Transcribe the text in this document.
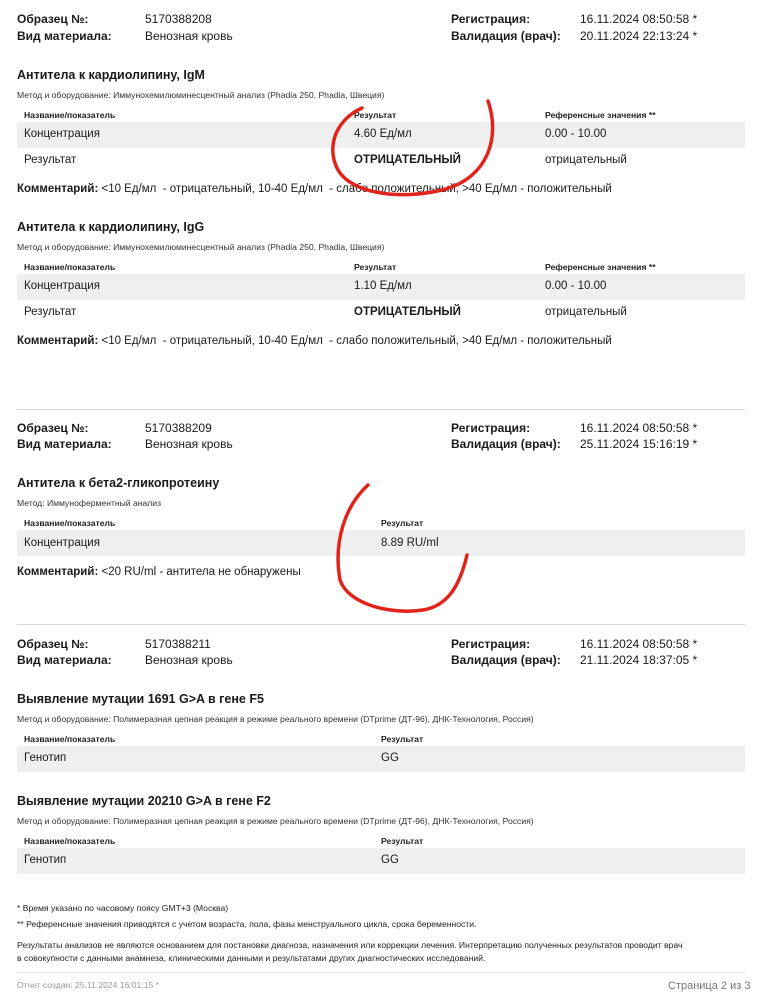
Образец №:	5170388208
Вид материала:	Венозная кровь
Регистрация:	16.11.2024 08:50:58 *
Валидация (врач): 20.11.2024 22:13:24 *
Антитела к кардиолипину, IgM
Метод и оборудование: Иммунохемилюминесцентный анализ (Phadia 250, Phadia, Швеция)
Название/показатель	Результат	Референсные значения **
Концентрация	4.60 Ед/мл	0.00 - 10.00
Результат	ОТРИЦАТЕЛЬНЫЙ	отрицательный
Комментарий: <10 Ед/мл  - отрицательный, 10-40 Ед/мл  - слабо положительный, >40 Ед/мл - положительный
Антитела к кардиолипину, IgG
Метод и оборудование: Иммунохемилюминесцентный анализ (Phadia 250, Phadia, Швеция)
Название/показатель	Результат	Референсные значения **
Концентрация	1.10 Ед/мл	0.00 - 10.00
Результат	ОТРИЦАТЕЛЬНЫЙ	отрицательный
Комментарий: <10 Ед/мл  - отрицательный, 10-40 Ед/мл  - слабо положительный, >40 Ед/мл - положительный
Образец №:	5170388209
Вид материала:	Венозная кровь
Регистрация:	16.11.2024 08:50:58 *
Валидация (врач): 25.11.2024 15:16:19 *
Антитела к бета2-гликопротеину
Метод: Иммуноферментный анализ
Название/показатель	Результат
Концентрация	8.89 RU/ml
Комментарий: <20 RU/ml - антитела не обнаружены
Образец №:	5170388211
Вид материала:	Венозная кровь
Регистрация:	16.11.2024 08:50:58 *
Валидация (врач): 21.11.2024 18:37:05 *
Выявление мутации 1691 G>A в гене F5
Метод и оборудование: Полимеразная цепная реакция в режиме реального времени (DTprime (ДТ-96), ДНК-Технология, Россия)
Название/показатель	Результат
Генотип	GG
Выявление мутации 20210 G>A в гене F2
Метод и оборудование: Полимеразная цепная реакция в режиме реального времени (DTprime (ДТ-96), ДНК-Технология, Россия)
Название/показатель	Результат
Генотип	GG
* Время указано по часовому поясу GMT+3 (Москва)
** Референсные значения приводятся с учетом возраста, пола, фазы менструального цикла, срока беременности.
Результаты анализов не являются основанием для постановки диагноза, назначения или коррекции лечения. Интерпретацию полученных результатов проводит врач
в совокупности с данными анамнеза, клиническими данными и результатами других диагностических исследований.
Отчет создан: 25.11.2024 16:01:15 *	Страница 2 из 3
